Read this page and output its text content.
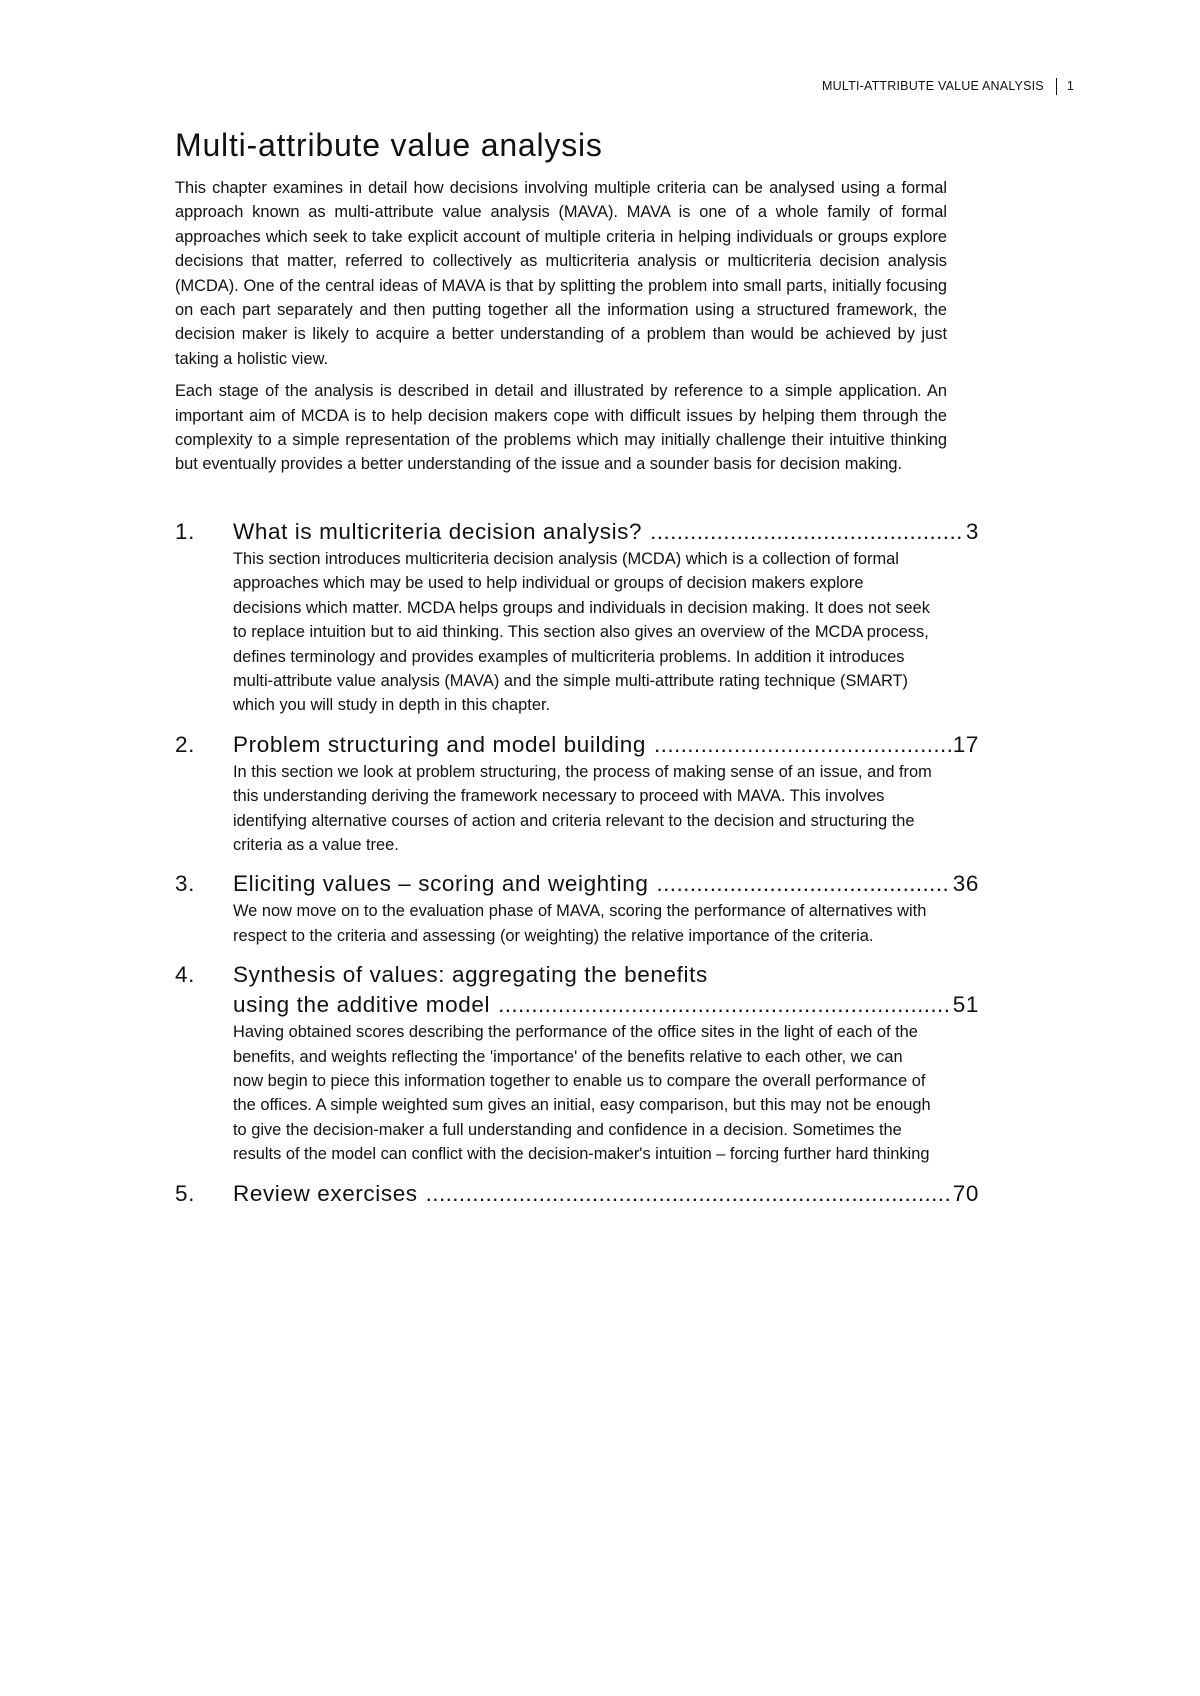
MULTI-ATTRIBUTE VALUE ANALYSIS 1
Multi-attribute value analysis

This chapter examines in detail how decisions involving multiple criteria can be analysed using a formal approach known as multi-attribute value analysis (MAVA). MAVA is one of a whole family of formal approaches which seek to take explicit account of multiple criteria in helping individuals or groups explore decisions that matter, referred to collectively as multicriteria analysis or multicriteria decision analysis (MCDA). One of the central ideas of MAVA is that by splitting the problem into small parts, initially focusing on each part separately and then putting together all the information using a structured framework, the decision maker is likely to acquire a better understanding of a problem than would be achieved by just taking a holistic view.

Each stage of the analysis is described in detail and illustrated by reference to a simple application. An important aim of MCDA is to help decision makers cope with difficult issues by helping them through the complexity to a simple representation of the problems which may initially challenge their intuitive thinking but eventually provides a better understanding of the issue and a sounder basis for decision making.

1.	What is multicriteria decision analysis? .....	3

This section introduces multicriteria decision analysis (MCDA) which is a collection of formal approaches which may be used to help individual or groups of decision makers explore decisions which matter. MCDA helps groups and individuals in decision making. It does not seek to replace intuition but to aid thinking. This section also gives an overview of the MCDA process, defines terminology and provides examples of multicriteria problems. In addition it introduces multi-attribute value analysis (MAVA) and the simple multi-attribute rating technique (SMART) which you will study in depth in this chapter.

2.	Problem structuring and model building .....	17

In this section we look at problem structuring, the process of making sense of an issue, and from this understanding deriving the framework necessary to proceed with MAVA. This involves identifying alternative courses of action and criteria relevant to the decision and structuring the criteria as a value tree.

3.	Eliciting values – scoring and weighting .....	36

We now move on to the evaluation phase of MAVA, scoring the performance of alternatives with respect to the criteria and assessing (or weighting) the relative importance of the criteria.

4.	Synthesis of values: aggregating the benefits
using the additive model .....	51

Having obtained scores describing the performance of the office sites in the light of each of the benefits, and weights reflecting the 'importance' of the benefits relative to each other, we can now begin to piece this information together to enable us to compare the overall performance of the offices. A simple weighted sum gives an initial, easy comparison, but this may not be enough to give the decision-maker a full understanding and confidence in a decision. Sometimes the results of the model can conflict with the decision-maker's intuition – forcing further hard thinking

5.	Review exercises .....	70
